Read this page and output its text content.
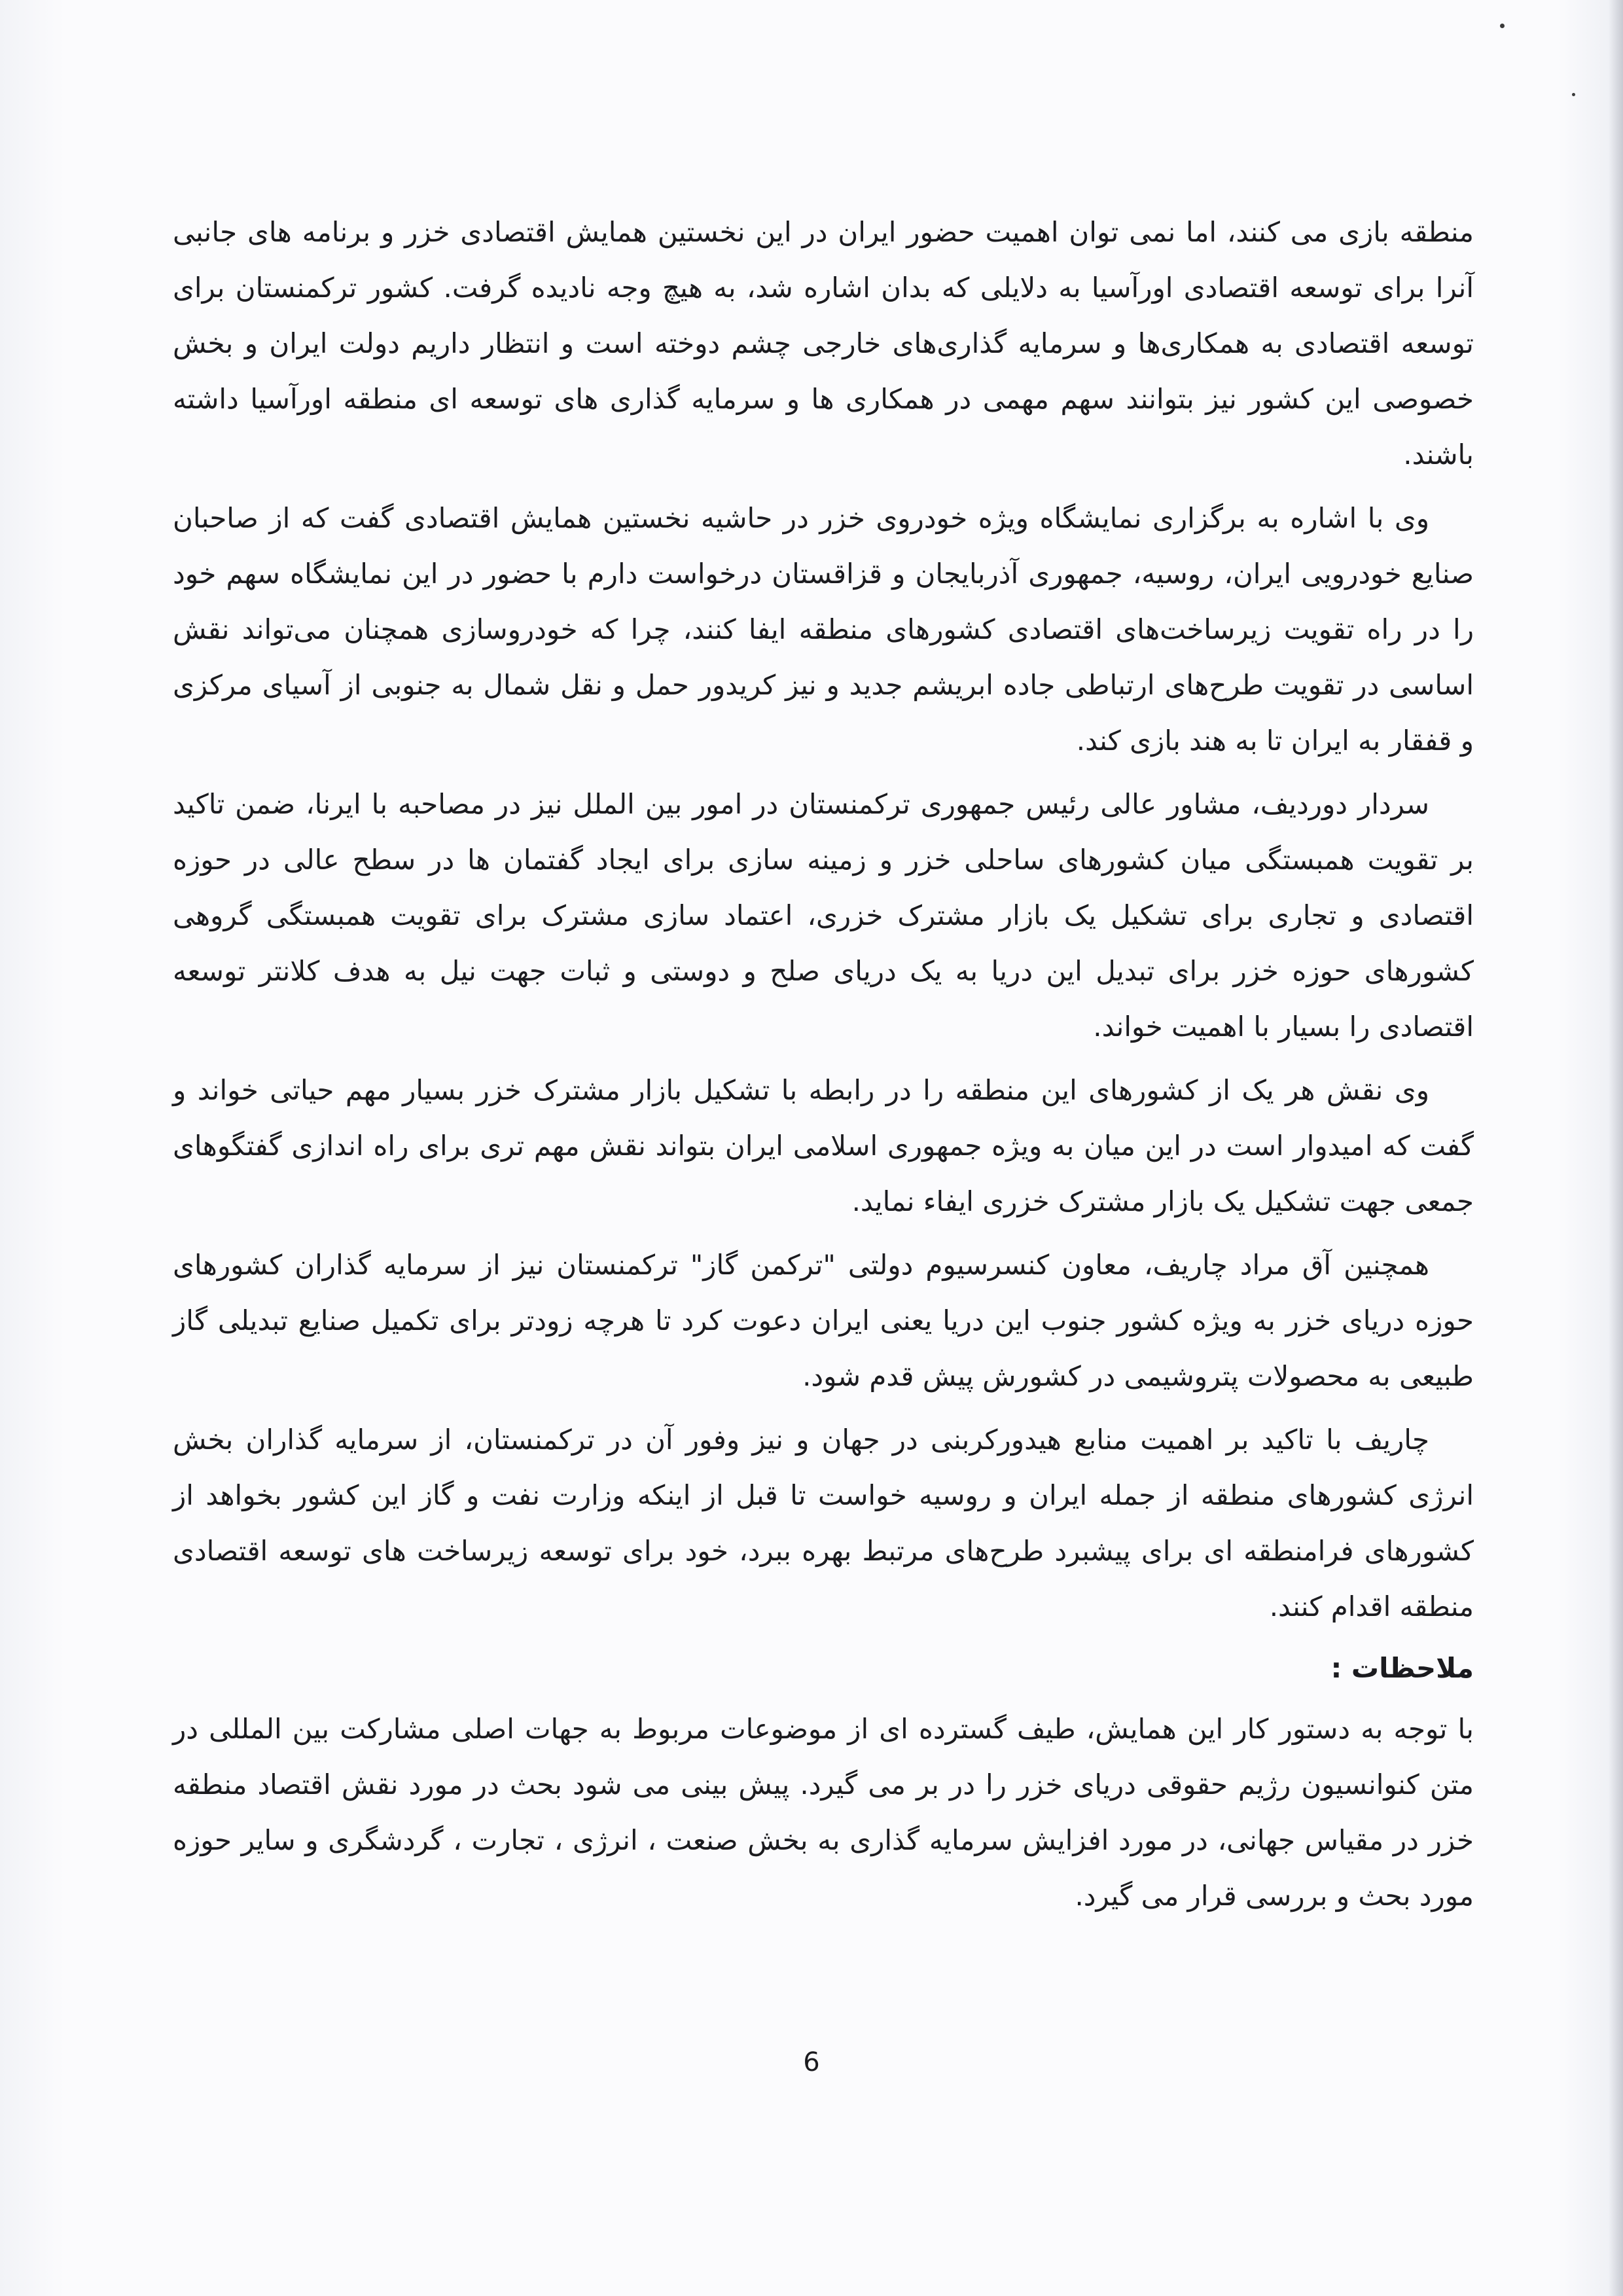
منطقه بازی می کنند، اما نمی توان اهمیت حضور ایران در این نخستین همایش اقتصادی خزر و برنامه های جانبی آنرا برای توسعه اقتصادی اورآسیا به دلایلی که بدان اشاره شد، به هیچ وجه نادیده گرفت. کشور ترکمنستان برای توسعه اقتصادی به همکاری‌ها و سرمایه گذاری‌های خارجی چشم دوخته است و انتظار داریم دولت ایران و بخش خصوصی این کشور نیز بتوانند سهم مهمی در همکاری ها و سرمایه گذاری های توسعه ای منطقه اورآسیا داشته باشند.

وی با اشاره به برگزاری نمایشگاه ویژه خودروی خزر در حاشیه نخستین همایش اقتصادی گفت که از صاحبان صنایع خودرویی ایران، روسیه، جمهوری آذربایجان و قزاقستان درخواست دارم با حضور در این نمایشگاه سهم خود را در راه تقویت زیرساخت‌های اقتصادی کشورهای منطقه ایفا کنند، چرا که خودروسازی همچنان می‌تواند نقش اساسی در تقویت طرح‌های ارتباطی جاده ابریشم جدید و نیز کریدور حمل و نقل شمال به جنوبی از آسیای مرکزی و قفقار به ایران تا به هند بازی کند.

سردار دوردیف، مشاور عالی رئیس جمهوری ترکمنستان در امور بین الملل نیز در مصاحبه با ایرنا، ضمن تاکید بر تقویت همبستگی میان کشورهای ساحلی خزر و زمینه سازی برای ایجاد گفتمان ها در سطح عالی در حوزه اقتصادی و تجاری برای تشکیل یک بازار مشترک خزری، اعتماد سازی مشترک برای تقویت همبستگی گروهی کشورهای حوزه خزر برای تبدیل این دریا به یک دریای صلح و دوستی و ثبات جهت نیل به هدف کلانتر توسعه اقتصادی را بسیار با اهمیت خواند.

وی نقش هر یک از کشورهای این منطقه را در رابطه با تشکیل بازار مشترک خزر بسیار مهم حیاتی خواند و گفت که امیدوار است در این میان به ویژه جمهوری اسلامی ایران بتواند نقش مهم تری برای راه اندازی گفتگوهای جمعی جهت تشکیل یک بازار مشترک خزری ایفاء نماید.

همچنین آق مراد چاریف، معاون کنسرسیوم دولتی "ترکمن گاز" ترکمنستان نیز از سرمایه گذاران کشورهای حوزه دریای خزر به ویژه کشور جنوب این دریا یعنی ایران دعوت کرد تا هرچه زودتر برای تکمیل صنایع تبدیلی گاز طبیعی به محصولات پتروشیمی در کشورش پیش قدم شود.

چاریف با تاکید بر اهمیت منابع هیدورکربنی در جهان و نیز وفور آن در ترکمنستان، از سرمایه گذاران بخش انرژی کشورهای منطقه از جمله ایران و روسیه خواست تا قبل از اینکه وزارت نفت و گاز این کشور بخواهد از کشورهای فرامنطقه ای برای پیشبرد طرح‌های مرتبط بهره ببرد، خود برای توسعه زیرساخت های توسعه اقتصادی منطقه اقدام کنند.

ملاحظات :

با توجه به دستور کار این همایش، طیف گسترده ای از موضوعات مربوط به جهات اصلی مشارکت بین المللی در متن کنوانسیون رژیم حقوقی دریای خزر را در بر می گیرد. پیش بینی می شود بحث در مورد نقش اقتصاد منطقه خزر در مقیاس جهانی، در مورد افزایش سرمایه گذاری به بخش صنعت ، انرژی ، تجارت ، گردشگری و سایر حوزه مورد بحث و بررسی قرار می گیرد.

6
